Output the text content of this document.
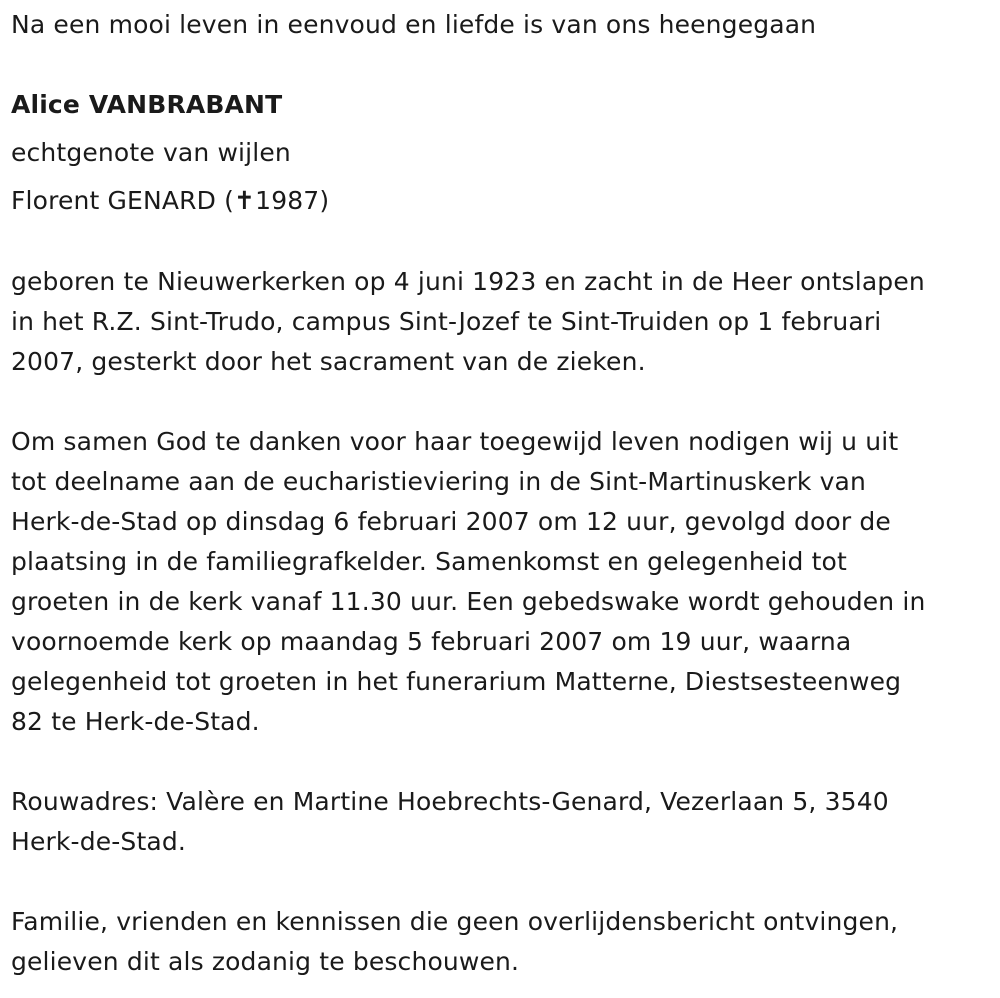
Na een mooi leven in eenvoud en liefde is van ons heengegaan

Alice VANBRABANT

echtgenote van wijlen

Florent GENARD (✝1987)

geboren te Nieuwerkerken op 4 juni 1923 en zacht in de Heer ontslapen

in het R.Z. Sint-Trudo, campus Sint-Jozef te Sint-Truiden op 1 februari

2007, gesterkt door het sacrament van de zieken.

Om samen God te danken voor haar toegewijd leven nodigen wij u uit

tot deelname aan de eucharistieviering in de Sint-Martinuskerk van

Herk-de-Stad op dinsdag 6 februari 2007 om 12 uur, gevolgd door de

plaatsing in de familiegrafkelder. Samenkomst en gelegenheid tot

groeten in de kerk vanaf 11.30 uur. Een gebedswake wordt gehouden in

voornoemde kerk op maandag 5 februari 2007 om 19 uur, waarna

gelegenheid tot groeten in het funerarium Matterne, Diestsesteenweg

82 te Herk-de-Stad.

Rouwadres: Valère en Martine Hoebrechts-Genard, Vezerlaan 5, 3540

Herk-de-Stad.

Familie, vrienden en kennissen die geen overlijdensbericht ontvingen,

gelieven dit als zodanig te beschouwen.
